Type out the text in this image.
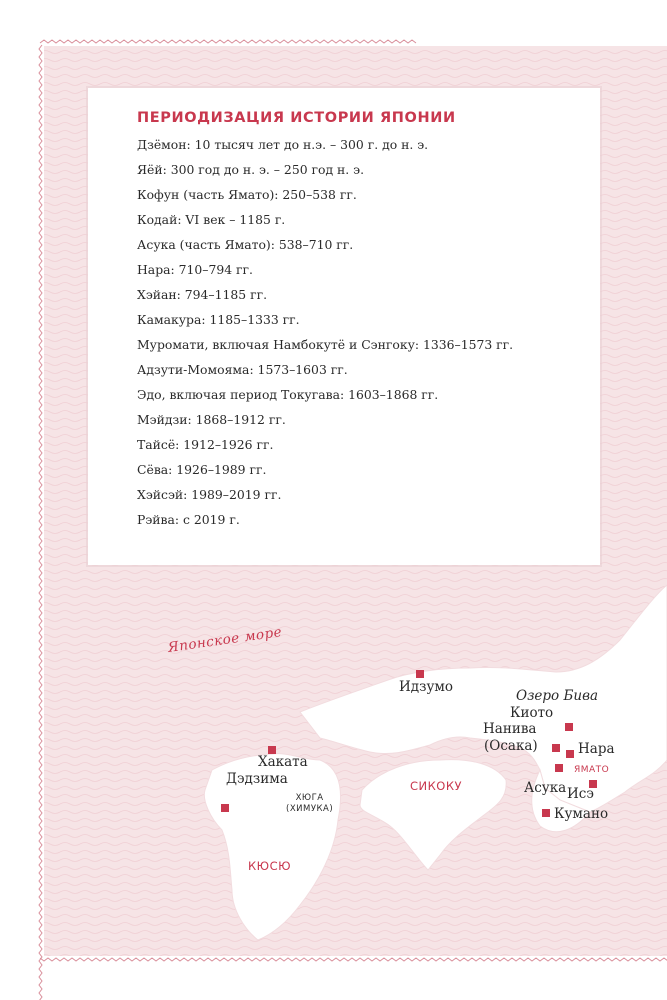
ПЕРИОДИЗАЦИЯ ИСТОРИИ ЯПОНИИ
Дзёмон: 10 тысяч лет до н.э. – 300 г. до н. э.
Яёй: 300 год до н. э. – 250 год н. э.
Кофун (часть Ямато): 250–538 гг.
Кодай: VI век – 1185 г.
Асука (часть Ямато): 538–710 гг.
Нара: 710–794 гг.
Хэйан: 794–1185 гг.
Камакура: 1185–1333 гг.
Муромати, включая Намбокутё и Сэнгоку: 1336–1573 гг.
Адзути-Момояма: 1573–1603 гг.
Эдо, включая период Токугава: 1603–1868 гг.
Мэйдзи: 1868–1912 гг.
Тайсё: 1912–1926 гг.
Сёва: 1926–1989 гг.
Хэйсэй: 1989–2019 гг.
Рэйва: с 2019 г.
Японское море
Идзумо
Озеро Бива
Киото
Нанива
(Осака)	Нара
ЯМАТО
Асука Исэ
Кумано
СИКОКУ
Хаката
Дэдзима
ХЮГА
(ХИМУКА)
КЮСЮ
